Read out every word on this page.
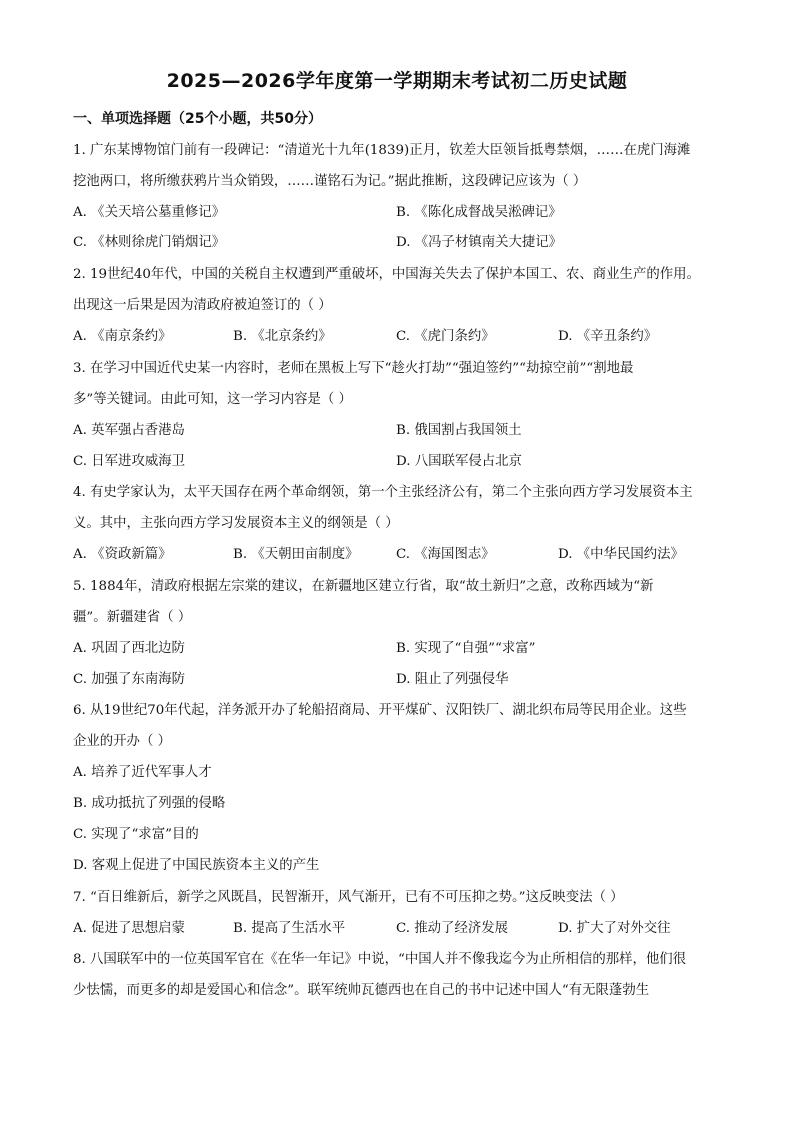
2025—2026学年度第一学期期末考试初二历史试题
一、单项选择题（25个小题，共50分）
1. 广东某博物馆门前有一段碑记：“清道光十九年(1839)正月，钦差大臣领旨抵粤禁烟，……在虎门海滩
挖池两口，将所缴获鸦片当众销毁，……谨铭石为记。”据此推断，这段碑记应该为（ ）
A. 《关天培公墓重修记》	B. 《陈化成督战吴淞碑记》
C. 《林则徐虎门销烟记》	D. 《冯子材镇南关大捷记》
2. 19世纪40年代，中国的关税自主权遭到严重破坏，中国海关失去了保护本国工、农、商业生产的作用。
出现这一后果是因为清政府被迫签订的（ ）
A. 《南京条约》	B. 《北京条约》	C. 《虎门条约》	D. 《辛丑条约》
3. 在学习中国近代史某一内容时，老师在黑板上写下“趁火打劫”“强迫签约”“劫掠空前”“割地最
多”等关键词。由此可知，这一学习内容是（ ）
A. 英军强占香港岛	B. 俄国割占我国领土
C. 日军进攻威海卫	D. 八国联军侵占北京
4. 有史学家认为，太平天国存在两个革命纲领，第一个主张经济公有，第二个主张向西方学习发展资本主
义。其中，主张向西方学习发展资本主义的纲领是（ ）
A. 《资政新篇》	B. 《天朝田亩制度》	C. 《海国图志》	D. 《中华民国约法》
5. 1884年，清政府根据左宗棠的建议，在新疆地区建立行省，取“故土新归”之意，改称西域为“新
疆”。新疆建省（ ）
A. 巩固了西北边防	B. 实现了“自强”“求富”
C. 加强了东南海防	D. 阻止了列强侵华
6. 从19世纪70年代起，洋务派开办了轮船招商局、开平煤矿、汉阳铁厂、湖北织布局等民用企业。这些
企业的开办（ ）
A. 培养了近代军事人才
B. 成功抵抗了列强的侵略
C. 实现了“求富”目的
D. 客观上促进了中国民族资本主义的产生
7. “百日维新后，新学之风既昌，民智渐开，风气渐开，已有不可压抑之势。”这反映变法（ ）
A. 促进了思想启蒙	B. 提高了生活水平	C. 推动了经济发展	D. 扩大了对外交往
8. 八国联军中的一位英国军官在《在华一年记》中说，“中国人并不像我迄今为止所相信的那样，他们很
少怯懦，而更多的却是爱国心和信念”。联军统帅瓦德西也在自己的书中记述中国人“有无限蓬勃生
